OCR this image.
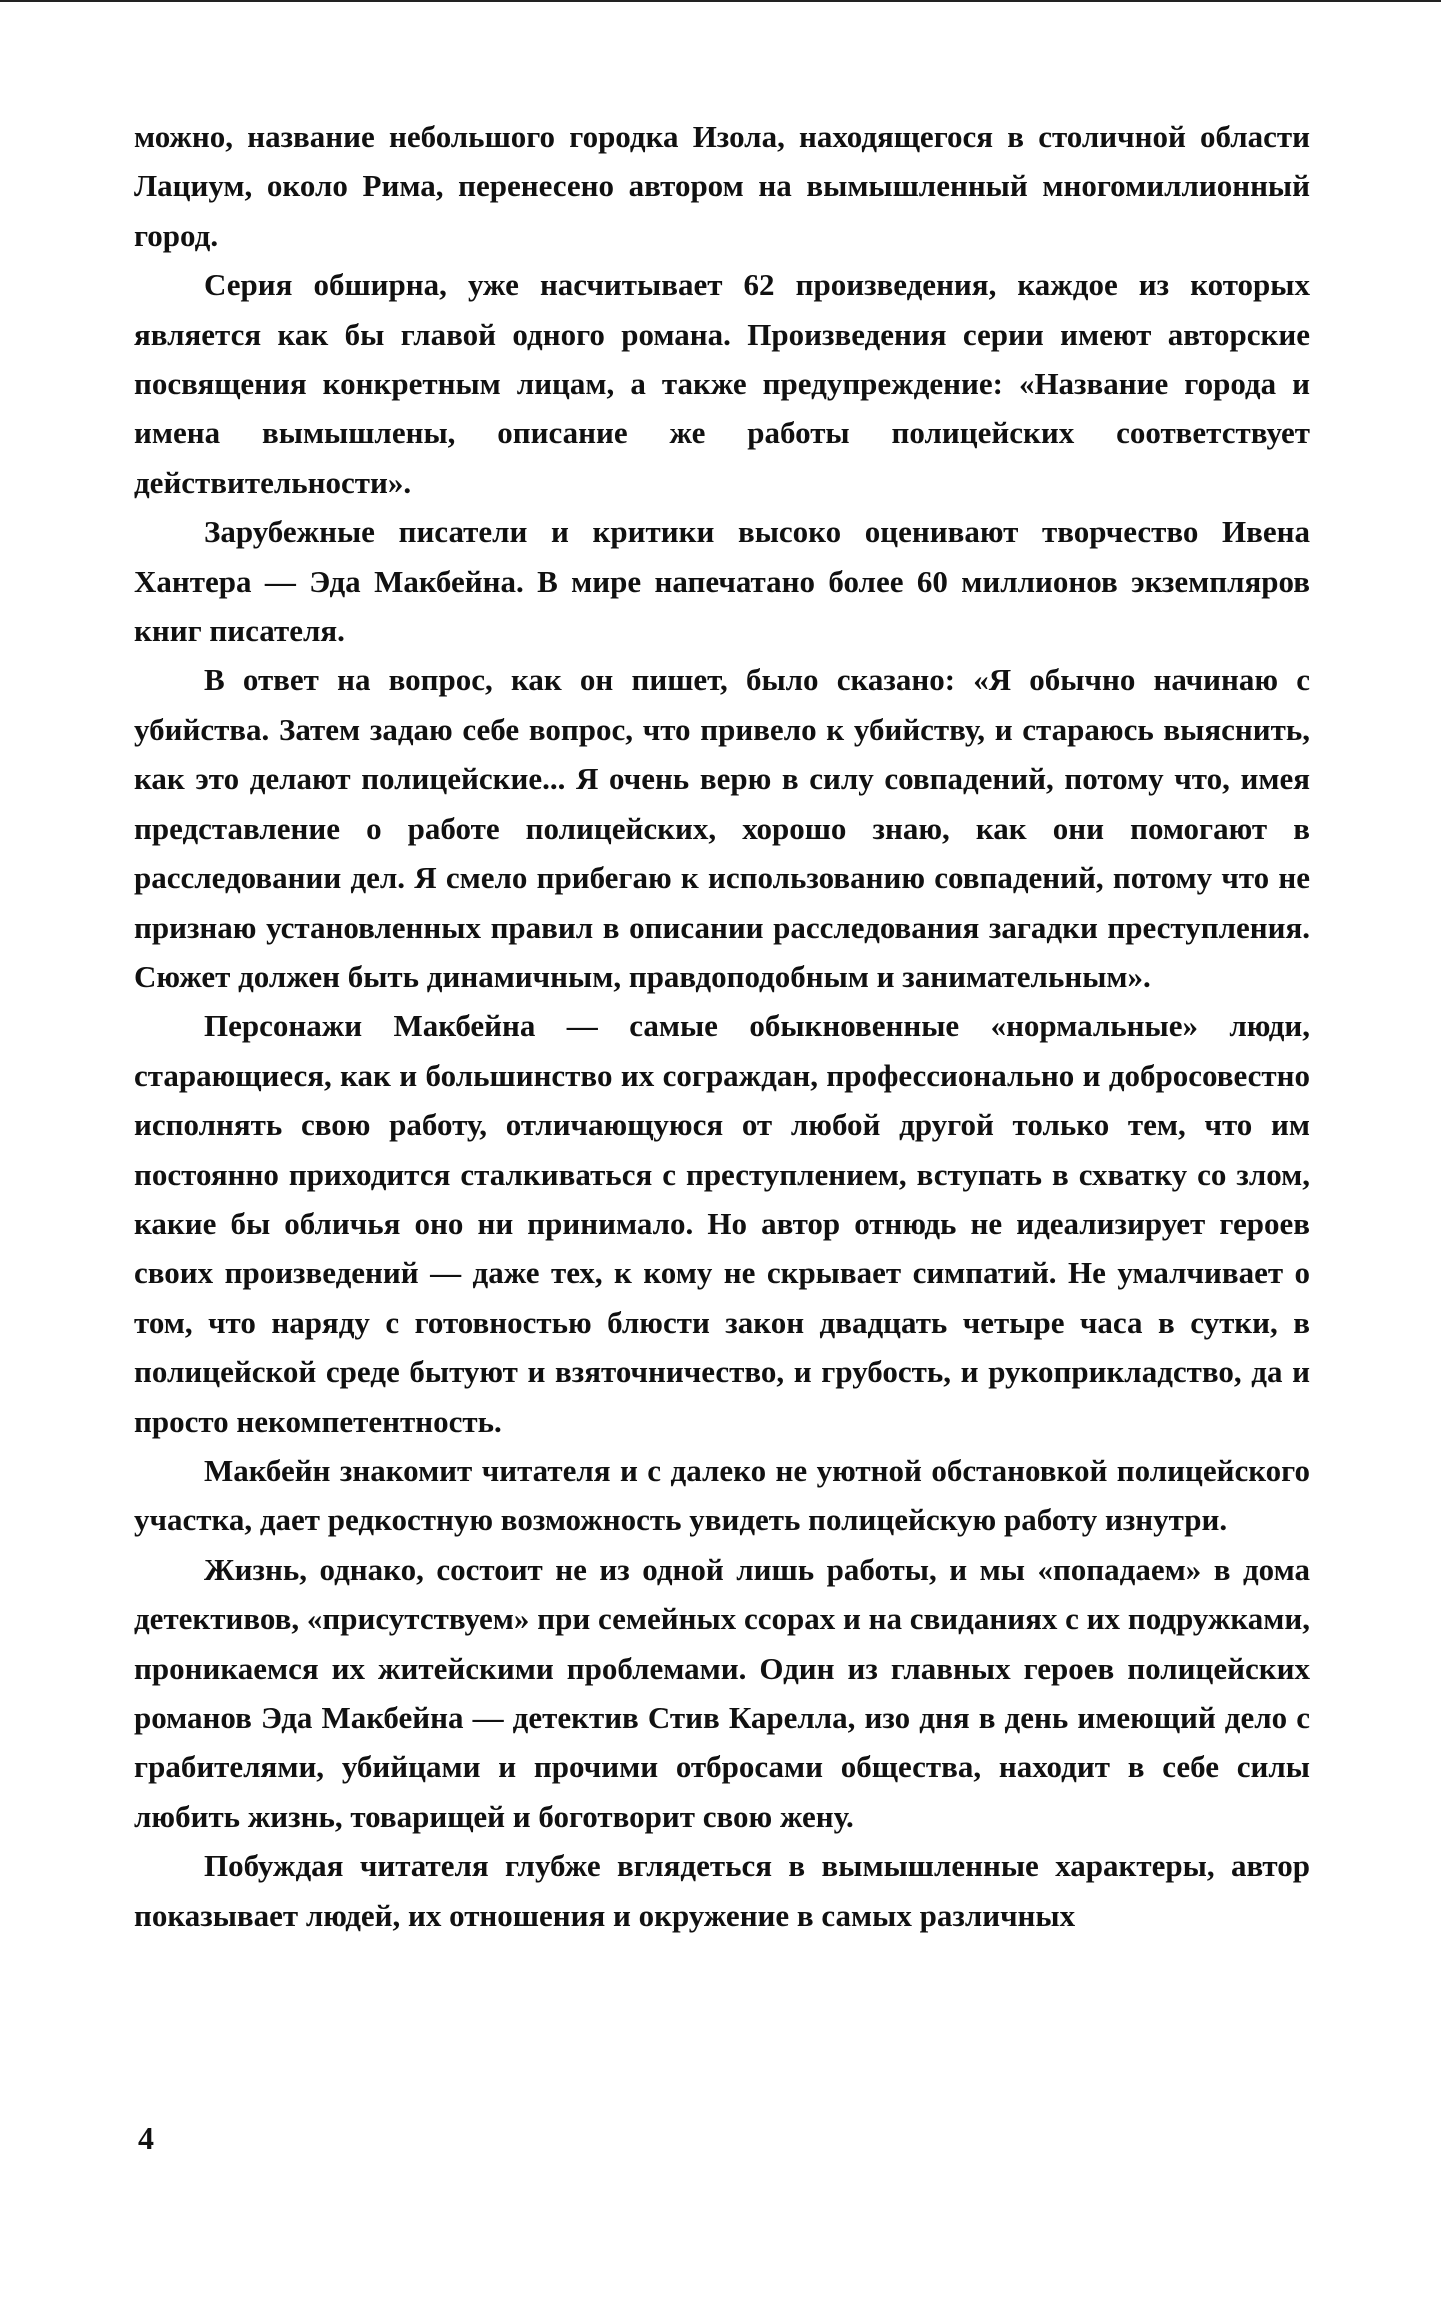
можно, название небольшого городка Изола, находящегося в столичной области Лациум, около Рима, перенесено автором на вымышленный многомиллионный город.

Серия обширна, уже насчитывает 62 произведения, каждое из которых является как бы главой одного романа. Произведения серии имеют авторские посвящения конкретным лицам, а также предупреждение: «Название города и имена вымышлены, описание же работы полицейских соответствует действительности».

Зарубежные писатели и критики высоко оценивают творчество Ивена Хантера — Эда Макбейна. В мире напечатано более 60 миллионов экземпляров книг писателя.

В ответ на вопрос, как он пишет, было сказано: «Я обычно начинаю с убийства. Затем задаю себе вопрос, что привело к убийству, и стараюсь выяснить, как это делают полицейские... Я очень верю в силу совпадений, потому что, имея представление о работе полицейских, хорошо знаю, как они помогают в расследовании дел. Я смело прибегаю к использованию совпадений, потому что не признаю установленных правил в описании расследования загадки преступления. Сюжет должен быть динамичным, правдоподобным и занимательным».

Персонажи Макбейна — самые обыкновенные «нормальные» люди, старающиеся, как и большинство их сограждан, профессионально и добросовестно исполнять свою работу, отличающуюся от любой другой только тем, что им постоянно приходится сталкиваться с преступлением, вступать в схватку со злом, какие бы обличья оно ни принимало. Но автор отнюдь не идеализирует героев своих произведений — даже тех, к кому не скрывает симпатий. Не умалчивает о том, что наряду с готовностью блюсти закон двадцать четыре часа в сутки, в полицейской среде бытуют и взяточничество, и грубость, и рукоприкладство, да и просто некомпетентность.

Макбейн знакомит читателя и с далеко не уютной обстановкой полицейского участка, дает редкостную возможность увидеть полицейскую работу изнутри.

Жизнь, однако, состоит не из одной лишь работы, и мы «попадаем» в дома детективов, «присутствуем» при семейных ссорах и на свиданиях с их подружками, проникаемся их житейскими проблемами. Один из главных героев полицейских романов Эда Макбейна — детектив Стив Карелла, изо дня в день имеющий дело с грабителями, убийцами и прочими отбросами общества, находит в себе силы любить жизнь, товарищей и боготворит свою жену.

Побуждая читателя глубже вглядеться в вымышленные характеры, автор показывает людей, их отношения и окружение в самых различных

4
